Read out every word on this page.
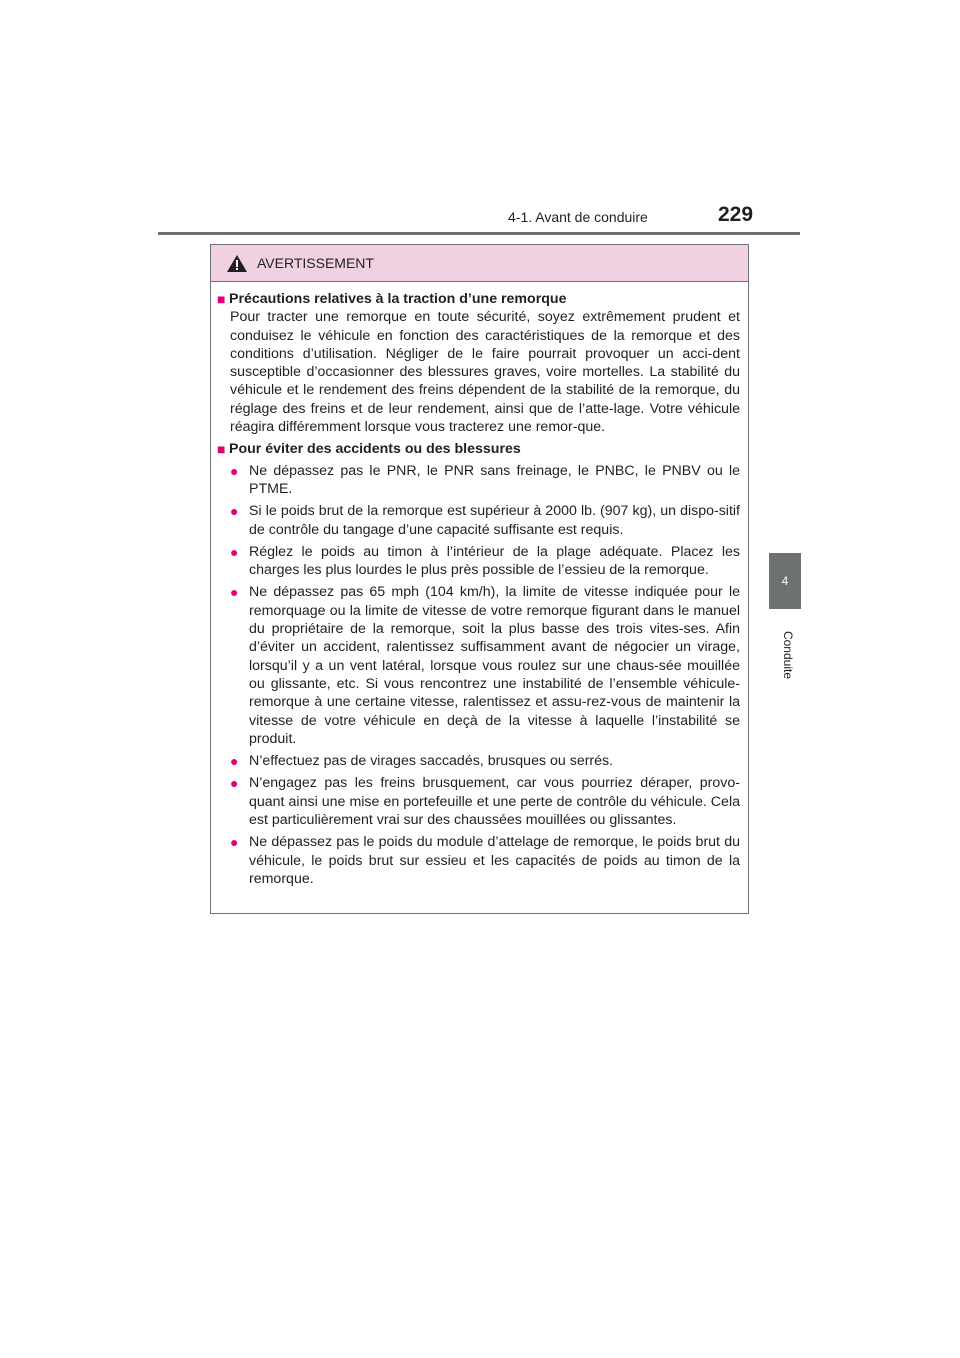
4-1. Avant de conduire	229
4
Conduite
AVERTISSEMENT
■ Précautions relatives à la traction d’une remorque
Pour tracter une remorque en toute sécurité, soyez extrêmement prudent et conduisez le véhicule en fonction des caractéristiques de la remorque et des conditions d’utilisation. Négliger de le faire pourrait provoquer un acci-dent susceptible d’occasionner des blessures graves, voire mortelles. La stabilité du véhicule et le rendement des freins dépendent de la stabilité de la remorque, du réglage des freins et de leur rendement, ainsi que de l’atte-lage. Votre véhicule réagira différemment lorsque vous tracterez une remor-que.
■ Pour éviter des accidents ou des blessures
● Ne dépassez pas le PNR, le PNR sans freinage, le PNBC, le PNBV ou le PTME.
● Si le poids brut de la remorque est supérieur à 2000 lb. (907 kg), un dispo-sitif de contrôle du tangage d’une capacité suffisante est requis.
● Réglez le poids au timon à l’intérieur de la plage adéquate. Placez les charges les plus lourdes le plus près possible de l’essieu de la remorque.
● Ne dépassez pas 65 mph (104 km/h), la limite de vitesse indiquée pour le remorquage ou la limite de vitesse de votre remorque figurant dans le manuel du propriétaire de la remorque, soit la plus basse des trois vites-ses. Afin d’éviter un accident, ralentissez suffisamment avant de négocier un virage, lorsqu’il y a un vent latéral, lorsque vous roulez sur une chaus-sée mouillée ou glissante, etc. Si vous rencontrez une instabilité de l’ensemble véhicule-remorque à une certaine vitesse, ralentissez et assu-rez-vous de maintenir la vitesse de votre véhicule en deçà de la vitesse à laquelle l’instabilité se produit.
● N’effectuez pas de virages saccadés, brusques ou serrés.
● N’engagez pas les freins brusquement, car vous pourriez déraper, provo-quant ainsi une mise en portefeuille et une perte de contrôle du véhicule. Cela est particulièrement vrai sur des chaussées mouillées ou glissantes.
● Ne dépassez pas le poids du module d’attelage de remorque, le poids brut du véhicule, le poids brut sur essieu et les capacités de poids au timon de la remorque.
